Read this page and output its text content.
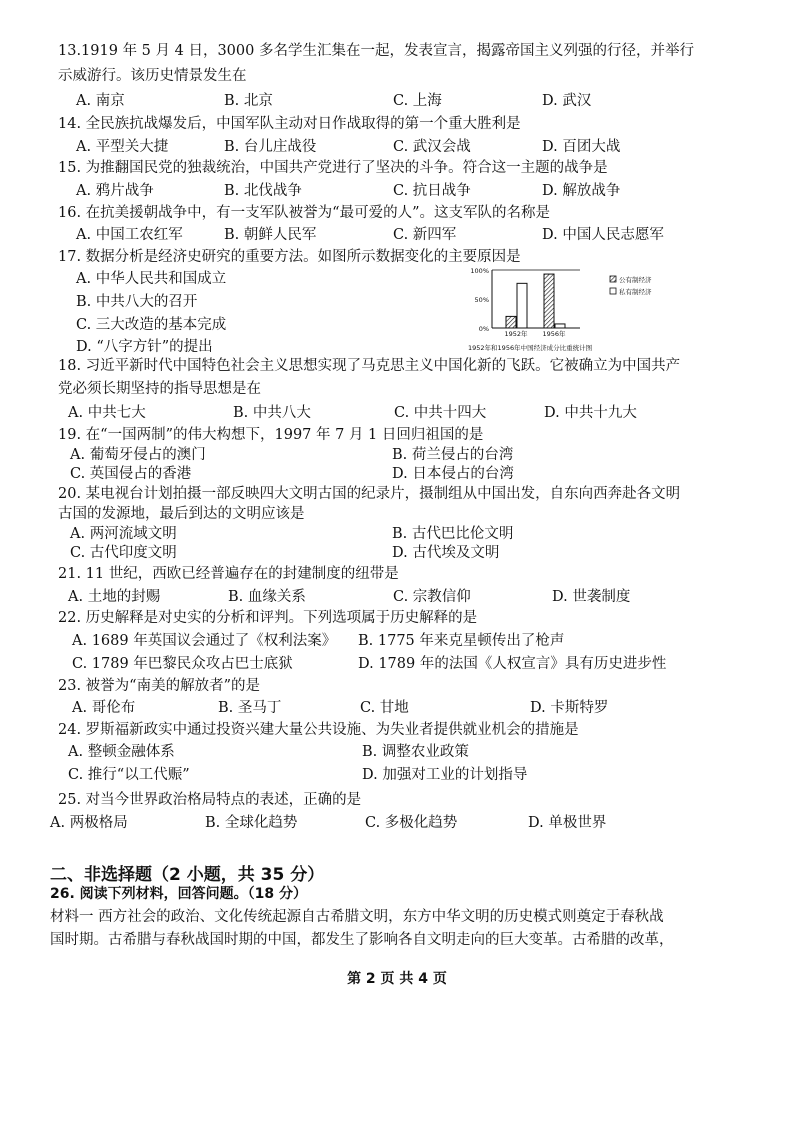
13.1919 年 5 月 4 日，3000 多名学生汇集在一起，发表宣言，揭露帝国主义列强的行径，并举行
示威游行。该历史情景发生在
A. 南京	B. 北京	C. 上海	D. 武汉
14. 全民族抗战爆发后，中国军队主动对日作战取得的第一个重大胜利是
A. 平型关大捷	B. 台儿庄战役	C. 武汉会战	D. 百团大战
15. 为推翻国民党的独裁统治，中国共产党进行了坚决的斗争。符合这一主题的战争是
A. 鸦片战争	B. 北伐战争	C. 抗日战争	D. 解放战争
16. 在抗美援朝战争中，有一支军队被誉为“最可爱的人”。这支军队的名称是
A. 中国工农红军	B. 朝鲜人民军	C. 新四军	D. 中国人民志愿军
17. 数据分析是经济史研究的重要方法。如图所示数据变化的主要原因是
A. 中华人民共和国成立
B. 中共八大的召开
C. 三大改造的基本完成
D. “八字方针”的提出
100%
50%
0%
1952年 1956年
公有制经济
私有制经济
1952年和1956年中国经济成分比重统计图
18. 习近平新时代中国特色社会主义思想实现了马克思主义中国化新的飞跃。它被确立为中国共产
党必须长期坚持的指导思想是在
A. 中共七大	B. 中共八大	C. 中共十四大	D. 中共十九大
19. 在“一国两制”的伟大构想下，1997 年 7 月 1 日回归祖国的是
A. 葡萄牙侵占的澳门	B. 荷兰侵占的台湾
C. 英国侵占的香港	D. 日本侵占的台湾
20. 某电视台计划拍摄一部反映四大文明古国的纪录片，摄制组从中国出发，自东向西奔赴各文明
古国的发源地，最后到达的文明应该是
A. 两河流域文明	B. 古代巴比伦文明
C. 古代印度文明	D. 古代埃及文明
21. 11 世纪，西欧已经普遍存在的封建制度的纽带是
A. 土地的封赐	B. 血缘关系	C. 宗教信仰	D. 世袭制度
22. 历史解释是对史实的分析和评判。下列选项属于历史解释的是
A. 1689 年英国议会通过了《权利法案》 B. 1775 年来克星顿传出了枪声
C. 1789 年巴黎民众攻占巴士底狱	D. 1789 年的法国《人权宣言》具有历史进步性
23. 被誉为“南美的解放者”的是
A. 哥伦布	B. 圣马丁	C. 甘地	D. 卡斯特罗
24. 罗斯福新政实中通过投资兴建大量公共设施、为失业者提供就业机会的措施是
A. 整顿金融体系	B. 调整农业政策
C. 推行“以工代赈”	D. 加强对工业的计划指导
25. 对当今世界政治格局特点的表述，正确的是
A. 两极格局	B. 全球化趋势	C. 多极化趋势	D. 单极世界
二、非选择题（2 小题，共 35 分）
26. 阅读下列材料，回答问题。（18 分）
材料一 西方社会的政治、文化传统起源自古希腊文明，东方中华文明的历史模式则奠定于春秋战
国时期。古希腊与春秋战国时期的中国，都发生了影响各自文明走向的巨大变革。古希腊的改革，
第 2 页 共 4 页
